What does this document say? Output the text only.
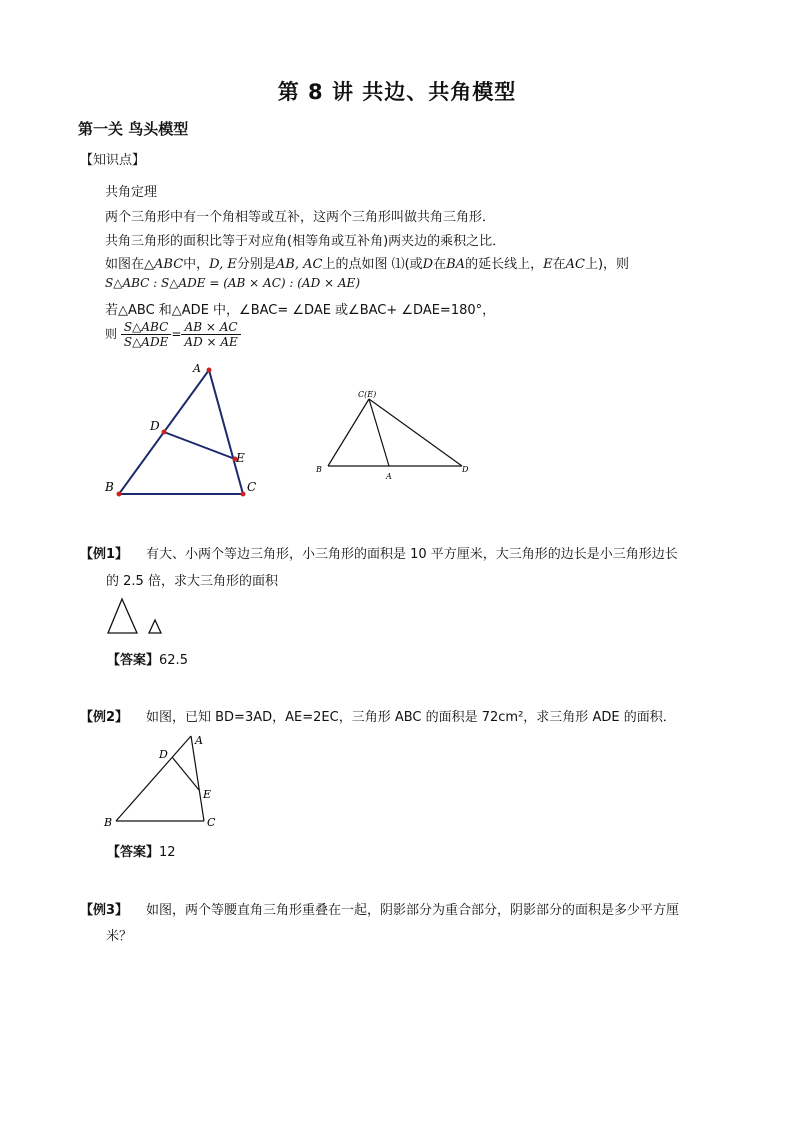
第 8 讲 共边、共角模型
第一关 鸟头模型
【知识点】
共角定理
两个三角形中有一个角相等或互补，这两个三角形叫做共角三角形．
共角三角形的面积比等于对应角(相等角或互补角)两夹边的乘积之比．
如图在△ABC中，D, E分别是AB, AC上的点如图 ⑴(或D在BA的延长线上，E在AC上)，则
S△ABC : S△ADE = (AB × AC) : (AD × AE)
若△ABC 和△ADE 中，∠BAC= ∠DAE 或∠BAC+ ∠DAE=180°，
则 $\frac{\text{S△ABC}}{\text{S△ADE}} = \frac{AB \times AC}{AD \times AE}$
A
B	C
D
E
C(E)
B
A
D
【例1】 有大、小两个等边三角形，小三角形的面积是 10 平方厘米，大三角形的边长是小三角形边长
的 2.5 倍，求大三角形的面积
【答案】62.5
【例2】 如图，已知 BD=3AD，AE=2EC，三角形 ABC 的面积是 72cm²，求三角形 ADE 的面积．
A
B	C
D
E
【答案】12
【例3】 如图，两个等腰直角三角形重叠在一起，阴影部分为重合部分，阴影部分的面积是多少平方厘
米？
